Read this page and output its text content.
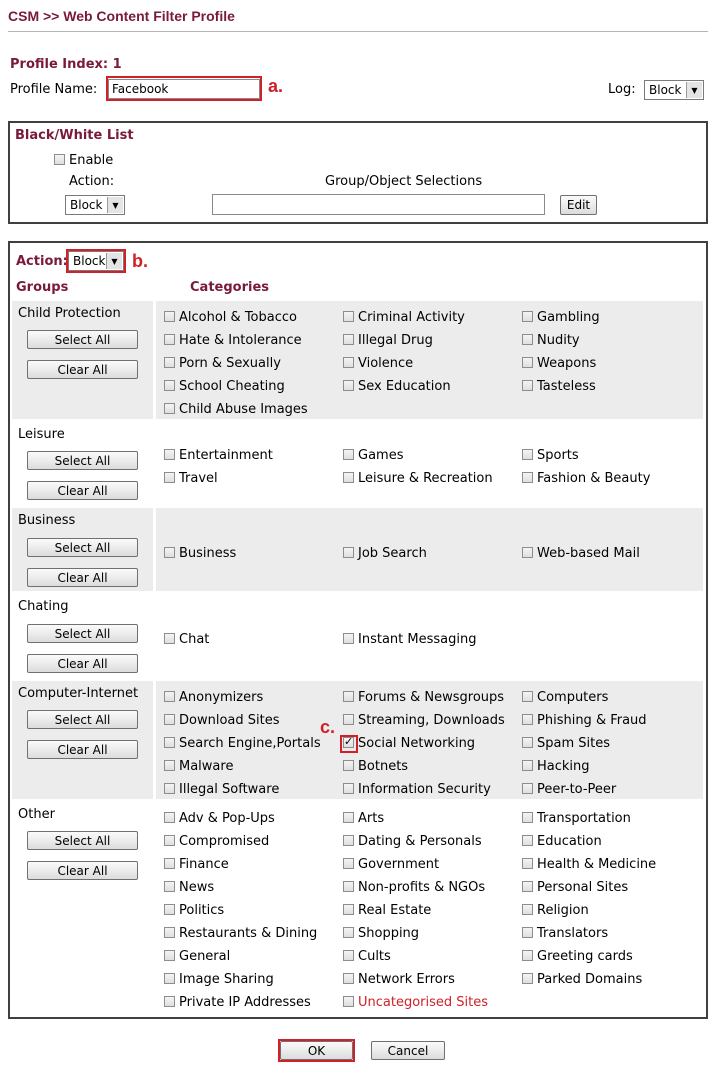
CSM >> Web Content Filter Profile
Profile Index: 1
Profile Name:	Facebook	a.	Log: Block	▼
Black/White List
Enable
Action:	Group/Object Selections
Block	▼	Edit
Action: Block ▼ b.
Groups	Categories
Child Protection
Select All
Clear All
Alcohol & Tobacco	Criminal Activity	Gambling
Hate & Intolerance	Illegal Drug	Nudity
Porn & Sexually	Violence	Weapons
School Cheating	Sex Education	Tasteless
Child Abuse Images
Leisure
Select All
Clear All
Entertainment	Games	Sports
Travel	Leisure & Recreation	Fashion & Beauty
Business
Select All
Clear All
Business	Job Search	Web-based Mail
Chating
Select All
Clear All
Chat	Instant Messaging
Computer-Internet
Select All
Clear All
Anonymizers	Forums & Newsgroups	Computers
Download Sites	Streaming, Downloads	Phishing & Fraud
Search Engine,Portals
✓	Social Networking	Spam Sites
Malware	Botnets	Hacking
Illegal Software	Information Security	Peer-to-Peer
Other
Select All
Clear All
Adv & Pop-Ups	Arts	Transportation
Compromised	Dating & Personals	Education
Finance	Government	Health & Medicine
News	Non-profits & NGOs	Personal Sites
Politics	Real Estate	Religion
Restaurants & Dining	Shopping	Translators
General	Cults	Greeting cards
Image Sharing	Network Errors	Parked Domains
Private IP Addresses	Uncategorised Sites
c.
OK	Cancel
